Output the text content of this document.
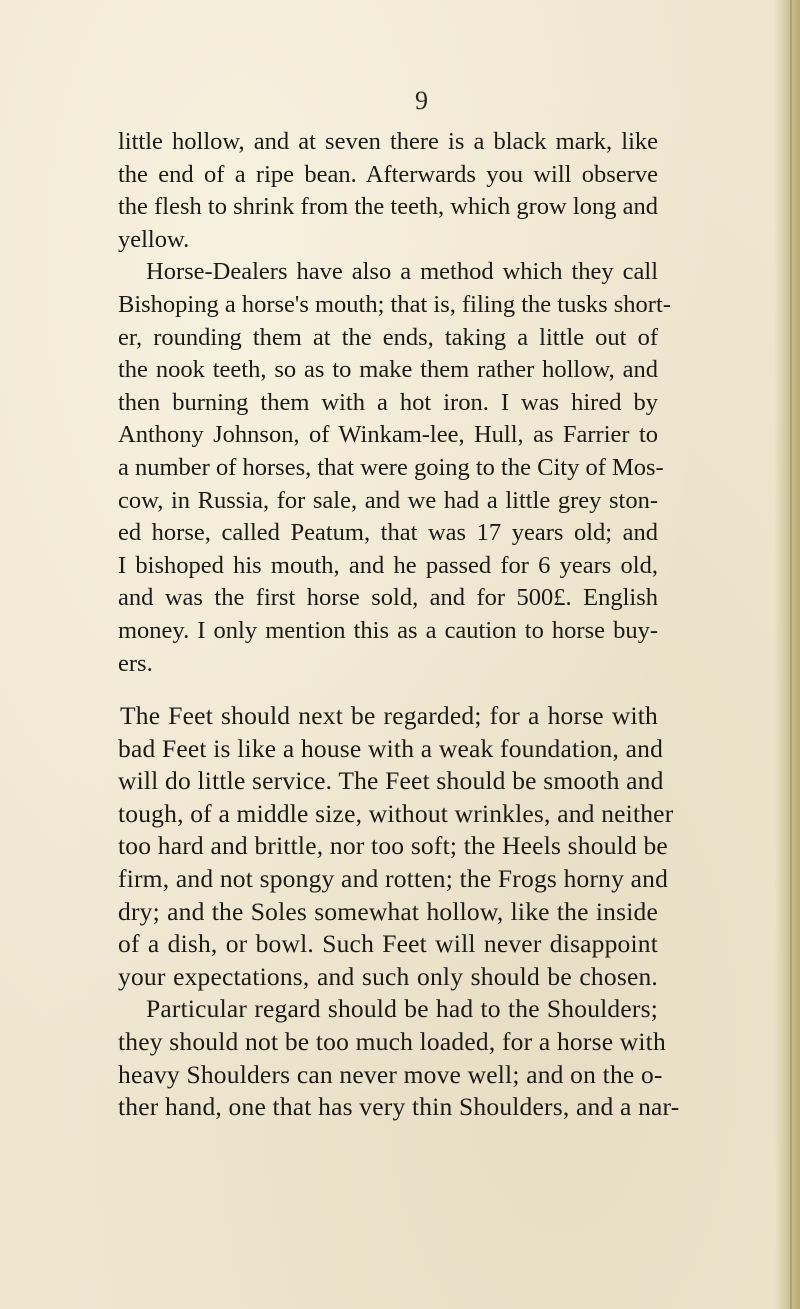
9
little hollow, and at seven there is a black mark, like
the end of a ripe bean. Afterwards you will observe
the flesh to shrink from the teeth, which grow long and
yellow.
Horse-Dealers have also a method which they call
Bishoping a horse's mouth; that is, filing the tusks short-
er, rounding them at the ends, taking a little out of
the nook teeth, so as to make them rather hollow, and
then burning them with a hot iron. I was hired by
Anthony Johnson, of Winkam-lee, Hull, as Farrier to
a number of horses, that were going to the City of Mos-
cow, in Russia, for sale, and we had a little grey ston-
ed horse, called Peatum, that was 17 years old; and
I bishoped his mouth, and he passed for 6 years old,
and was the first horse sold, and for 500£. English
money. I only mention this as a caution to horse buy-
ers.
The Feet should next be regarded; for a horse with
bad Feet is like a house with a weak foundation, and
will do little service. The Feet should be smooth and
tough, of a middle size, without wrinkles, and neither
too hard and brittle, nor too soft; the Heels should be
firm, and not spongy and rotten; the Frogs horny and
dry; and the Soles somewhat hollow, like the inside
of a dish, or bowl. Such Feet will never disappoint
your expectations, and such only should be chosen.
Particular regard should be had to the Shoulders;
they should not be too much loaded, for a horse with
heavy Shoulders can never move well; and on the o-
ther hand, one that has very thin Shoulders, and a nar-
